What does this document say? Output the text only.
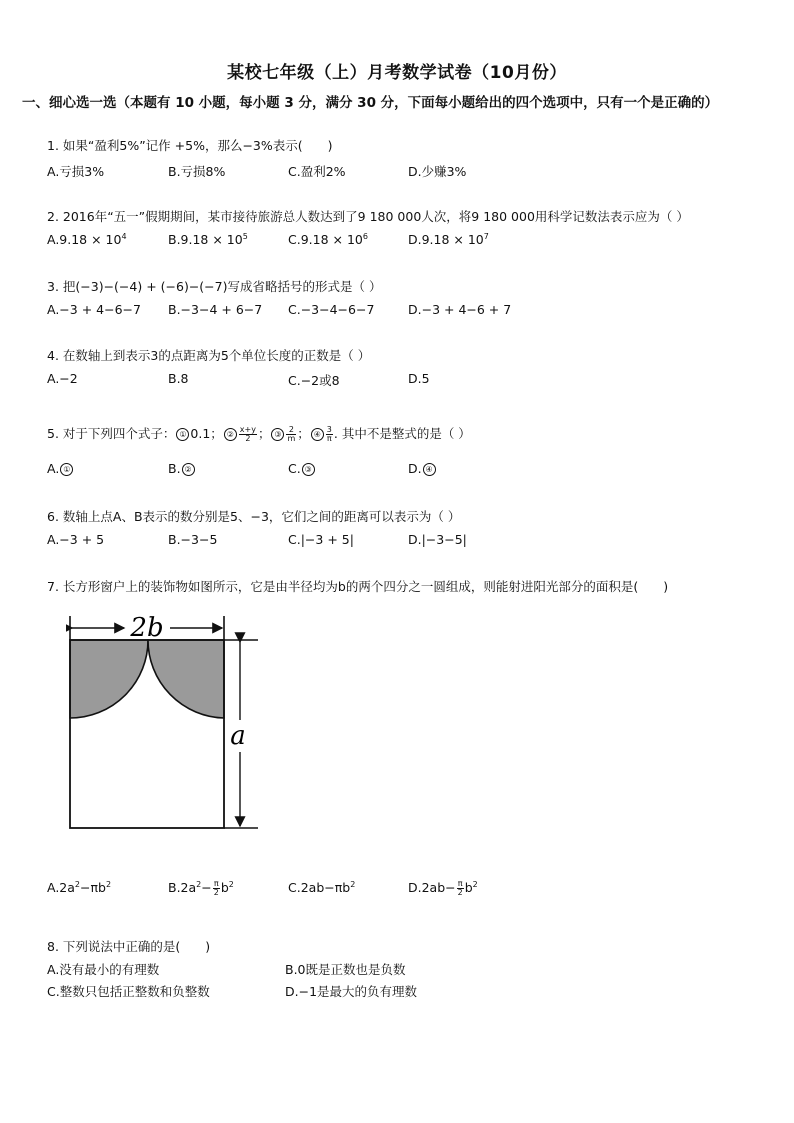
某校七年级（上）月考数学试卷（10月份）
一、细心选一选（本题有 10 小题，每小题 3 分，满分 30 分，下面每小题给出的四个选项中，只有一个是正确的）
1. 如果“盈利5%”记作 +5%，那么−3%表示(　　)
A.亏损3%	B.亏损8%	C.盈利2%	D.少赚3%
2. 2016年“五一”假期期间，某市接待旅游总人数达到了9 180 000人次，将9 180 000用科学记数法表示应为（ ）
$A.9.18 \times 10^4$	$B.9.18 \times 10^5$	$C.9.18 \times 10^6$	$D.9.18 \times 10^7$
3. 把(−3)−(−4) + (−6)−(−7)写成省略括号的形式是（ ）
A.−3 + 4−6−7 B.−3−4 + 6−7 C.−3−4−6−7	D.−3 + 4−6 + 7
4. 在数轴上到表示3的点距离为5个单位长度的正数是（ ）
A.−2	B.8	C.−2或8	D.5
5. 对于下列四个式子： ① 0.1； ② $\frac{x+y}{2}$ ； ③ $\frac{2}{m}$ ； ④ $\frac{3}{\pi}$ . 其中不是整式的是（ ）
A. ①	B. ②	C. ③	D. ④
6. 数轴上点A、B表示的数分别是5、−3，它们之间的距离可以表示为（ ）
A.−3 + 5	B.−3−5	C.|−3 + 5|	D.|−3−5|
7. 长方形窗户上的装饰物如图所示，它是由半径均为b的两个四分之一圆组成，则能射进阳光部分的面积是(　　)
2b
a
$A.2a^2-\pi b^2$	$B.2a^2- \frac{\pi}{2} b^2$	$C.2ab-\pi b^2$	$D.2ab- \frac{\pi}{2} b^2$
8. 下列说法中正确的是(　　)
A.没有最小的有理数	B.0既是正数也是负数
C.整数只包括正整数和负整数	D.−1是最大的负有理数
